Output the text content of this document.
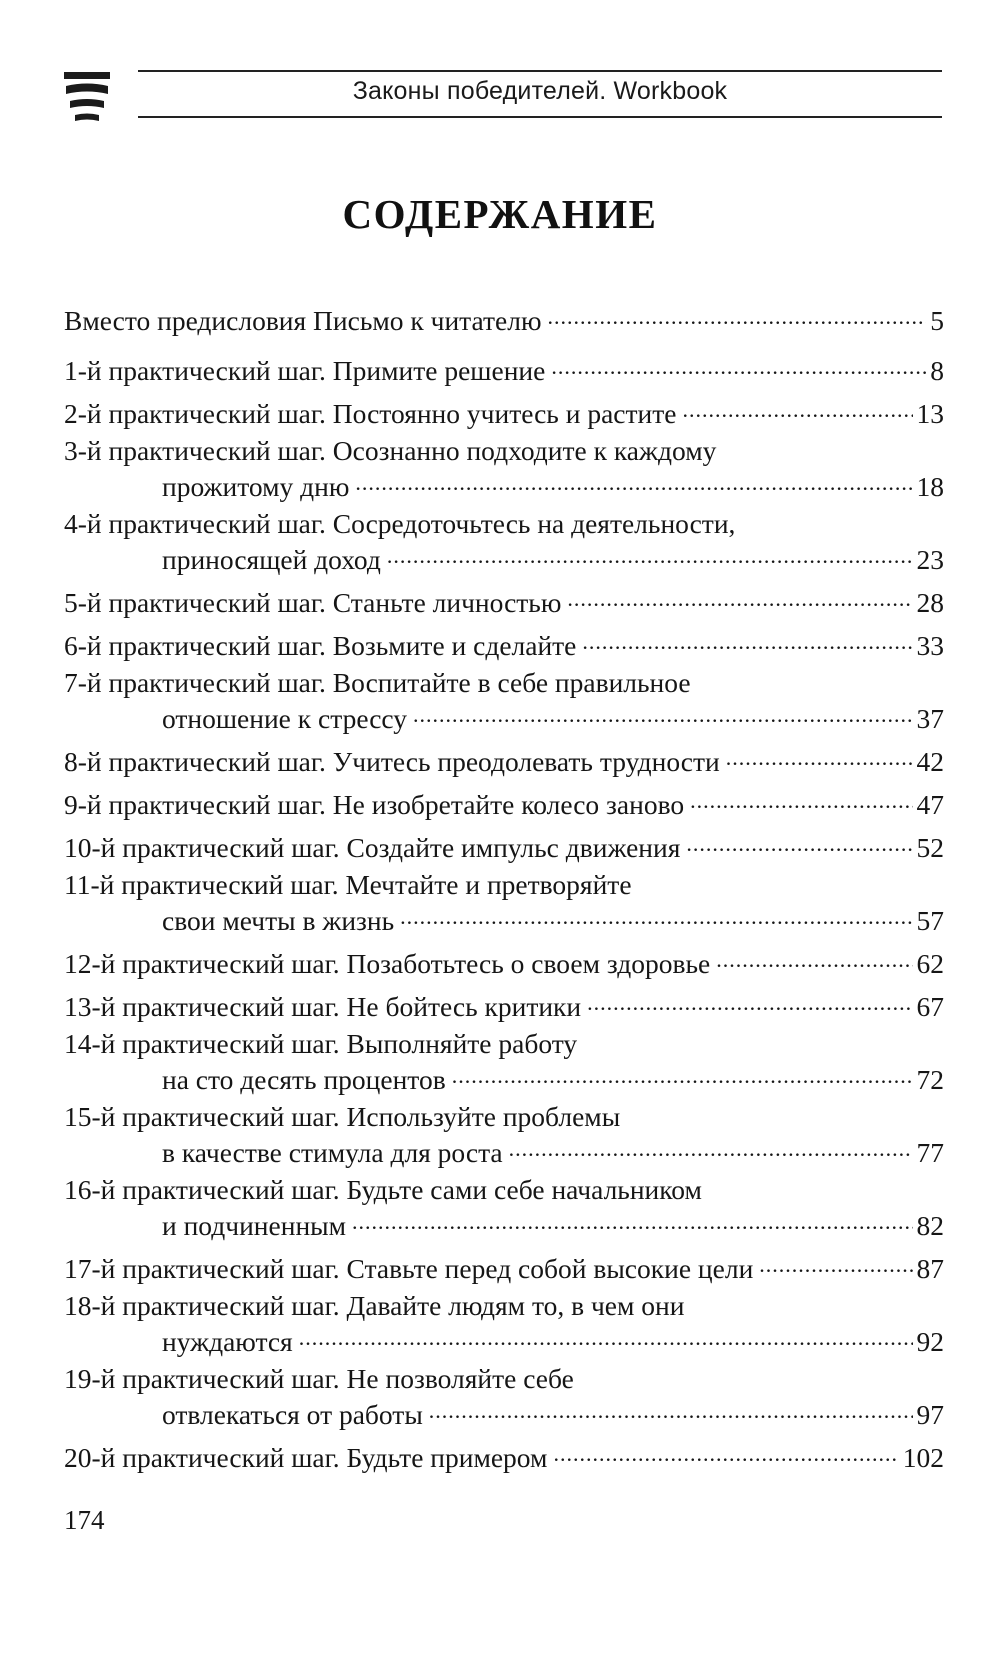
Законы победителей. Workbook
СОДЕРЖАНИЕ
Вместо предисловия Письмо к читателю .....	5
1-й практический шаг. Примите решение .....	8
2-й практический шаг. Постоянно учитесь и растите .....	13
3-й практический шаг. Осознанно подходите к каждому
прожитому дню .....	18
4-й практический шаг. Сосредоточьтесь на деятельности,
приносящей доход .....	23
5-й практический шаг. Станьте личностью .....	28
6-й практический шаг. Возьмите и сделайте .....	33
7-й практический шаг. Воспитайте в себе правильное
отношение к стрессу .....	37
8-й практический шаг. Учитесь преодолевать трудности .....	42
9-й практический шаг. Не изобретайте колесо заново .....	47
10-й практический шаг. Создайте импульс движения .....	52
11-й практический шаг. Мечтайте и претворяйте
свои мечты в жизнь .....	57
12-й практический шаг. Позаботьтесь о своем здоровье .....	62
13-й практический шаг. Не бойтесь критики .....	67
14-й практический шаг. Выполняйте работу
на сто десять процентов .....	72
15-й практический шаг. Используйте проблемы
в качестве стимула для роста .....	77
16-й практический шаг. Будьте сами себе начальником
и подчиненным .....	82
17-й практический шаг. Ставьте перед собой высокие цели .....	87
18-й практический шаг. Давайте людям то, в чем они
нуждаются .....	92
19-й практический шаг. Не позволяйте себе
отвлекаться от работы .....	97
20-й практический шаг. Будьте примером .....	102
174
